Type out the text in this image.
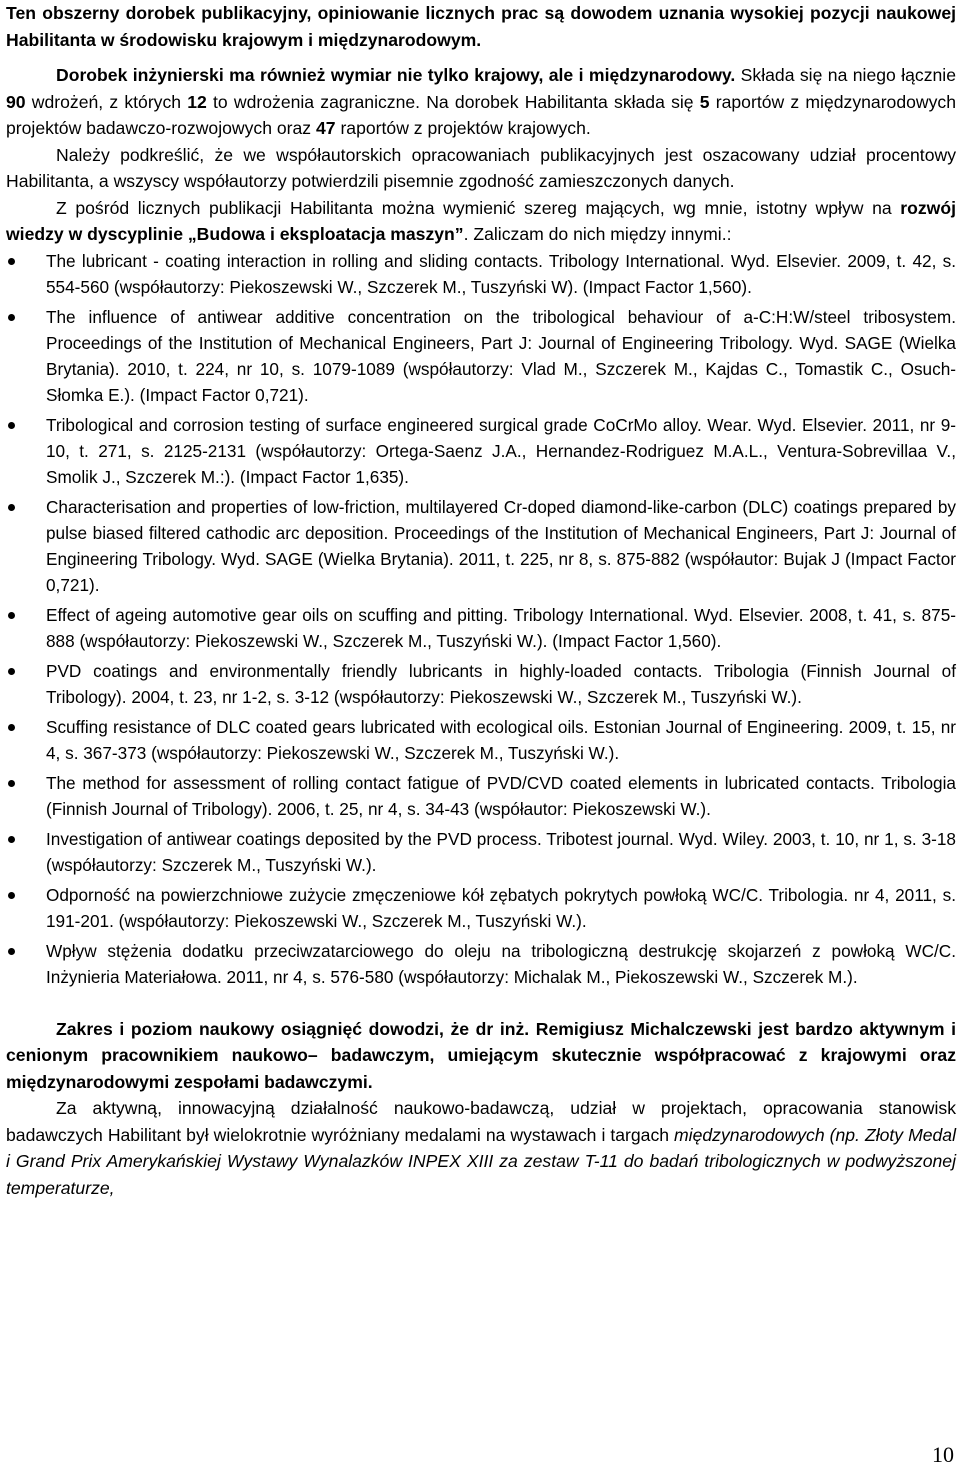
Ten obszerny dorobek publikacyjny, opiniowanie licznych prac są dowodem uznania wysokiej pozycji naukowej Habilitanta w środowisku krajowym i międzynarodowym.

Dorobek inżynierski ma również wymiar nie tylko krajowy, ale i międzynarodowy. Składa się na niego łącznie 90 wdrożeń, z których 12 to wdrożenia zagraniczne. Na dorobek Habilitanta składa się 5 raportów z międzynarodowych projektów badawczo-rozwojowych oraz 47 raportów z projektów krajowych.

Należy podkreślić, że we współautorskich opracowaniach publikacyjnych jest oszacowany udział procentowy Habilitanta, a wszyscy współautorzy potwierdzili pisemnie zgodność zamieszczonych danych.

Z pośród licznych publikacji Habilitanta można wymienić szereg mających, wg mnie, istotny wpływ na rozwój wiedzy w dyscyplinie „Budowa i eksploatacja maszyn”. Zaliczam do nich między innymi.:

The lubricant - coating interaction in rolling and sliding contacts. Tribology International. Wyd. Elsevier. 2009, t. 42, s. 554-560 (współautorzy: Piekoszewski W., Szczerek M., Tuszyński W). (Impact Factor 1,560).
The influence of antiwear additive concentration on the tribological behaviour of a-C:H:W/steel tribosystem. Proceedings of the Institution of Mechanical Engineers, Part J: Journal of Engineering Tribology. Wyd. SAGE (Wielka Brytania). 2010, t. 224, nr 10, s. 1079-1089 (współautorzy: Vlad M., Szczerek M., Kajdas C., Tomastik C., Osuch-Słomka E.). (Impact Factor 0,721).
Tribological and corrosion testing of surface engineered surgical grade CoCrMo alloy. Wear. Wyd. Elsevier. 2011, nr 9-10, t. 271, s. 2125-2131 (współautorzy: Ortega-Saenz J.A., Hernandez-Rodriguez M.A.L., Ventura-Sobrevillaa V., Smolik J., Szczerek M.:). (Impact Factor 1,635).
Characterisation and properties of low-friction, multilayered Cr-doped diamond-like-carbon (DLC) coatings prepared by pulse biased filtered cathodic arc deposition. Proceedings of the Institution of Mechanical Engineers, Part J: Journal of Engineering Tribology. Wyd. SAGE (Wielka Brytania). 2011, t. 225, nr 8, s. 875-882 (współautor: Bujak J (Impact Factor 0,721).
Effect of ageing automotive gear oils on scuffing and pitting. Tribology International. Wyd. Elsevier. 2008, t. 41, s. 875-888 (współautorzy: Piekoszewski W., Szczerek M., Tuszyński W.). (Impact Factor 1,560).
PVD coatings and environmentally friendly lubricants in highly-loaded contacts. Tribologia (Finnish Journal of Tribology). 2004, t. 23, nr 1-2, s. 3-12 (współautorzy: Piekoszewski W., Szczerek M., Tuszyński W.).
Scuffing resistance of DLC coated gears lubricated with ecological oils. Estonian Journal of Engineering. 2009, t. 15, nr 4, s. 367-373 (współautorzy: Piekoszewski W., Szczerek M., Tuszyński W.).
The method for assessment of rolling contact fatigue of PVD/CVD coated elements in lubricated contacts. Tribologia (Finnish Journal of Tribology). 2006, t. 25, nr 4, s. 34-43 (współautor: Piekoszewski W.).
Investigation of antiwear coatings deposited by the PVD process. Tribotest journal. Wyd. Wiley. 2003, t. 10, nr 1, s. 3-18 (współautorzy: Szczerek M., Tuszyński W.).
Odporność na powierzchniowe zużycie zmęczeniowe kół zębatych pokrytych powłoką WC/C. Tribologia. nr 4, 2011, s. 191-201. (współautorzy: Piekoszewski W., Szczerek M., Tuszyński W.).
Wpływ stężenia dodatku przeciwzatarciowego do oleju na tribologiczną destrukcję skojarzeń z powłoką WC/C. Inżynieria Materiałowa. 2011, nr 4, s. 576-580 (współautorzy: Michalak M., Piekoszewski W., Szczerek M.).

Zakres i poziom naukowy osiągnięć dowodzi, że dr inż. Remigiusz Michalczewski jest bardzo aktywnym i cenionym pracownikiem naukowo– badawczym, umiejącym skutecznie współpracować z krajowymi oraz międzynarodowymi zespołami badawczymi.

Za aktywną, innowacyjną działalność naukowo-badawczą, udział w projektach, opracowania stanowisk badawczych Habilitant był wielokrotnie wyróżniany medalami na wystawach i targach międzynarodowych (np. Złoty Medal i Grand Prix Amerykańskiej Wystawy Wynalazków INPEX XIII za zestaw T-11 do badań tribologicznych w podwyższonej temperaturze,

10
